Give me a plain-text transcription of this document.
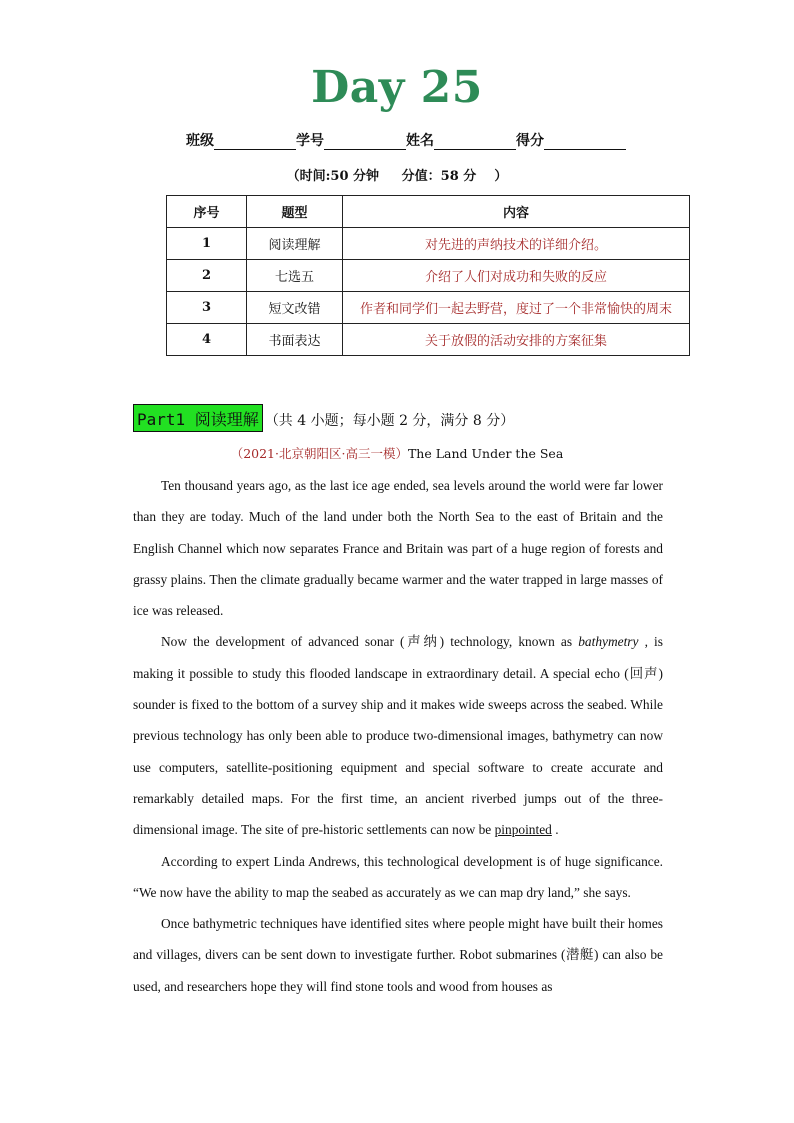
Day 25
班级	学号	姓名	得分
（时间:50 分钟     分值：58 分    ）
序号	题型	内容
1	阅读理解	对先进的声纳技术的详细介绍。
2	七选五	介绍了人们对成功和失败的反应
3	短文改错	作者和同学们一起去野营，度过了一个非常愉快的周末
4	书面表达	关于放假的活动安排的方案征集
Part1 阅读理解 （共 4 小题；每小题 2 分，满分 8 分）
（2021·北京朝阳区·高三一模）The Land Under the Sea

Ten thousand years ago, as the last ice age ended, sea levels around the world were far lower than they are today. Much of the land under both the North Sea to the east of Britain and the English Channel which now separates France and Britain was part of a huge region of forests and grassy plains. Then the climate gradually became warmer and the water trapped in large masses of ice was released.

Now the development of advanced sonar (声纳) technology, known as bathymetry , is making it possible to study this flooded landscape in extraordinary detail. A special echo (回声) sounder is fixed to the bottom of a survey ship and it makes wide sweeps across the seabed. While previous technology has only been able to produce two-dimensional images, bathymetry can now use computers, satellite-positioning equipment and special software to create accurate and remarkably detailed maps. For the first time, an ancient riverbed jumps out of the three-dimensional image. The site of pre-historic settlements can now be pinpointed .

According to expert Linda Andrews, this technological development is of huge significance. “We now have the ability to map the seabed as accurately as we can map dry land,” she says.

Once bathymetric techniques have identified sites where people might have built their homes and villages, divers can be sent down to investigate further. Robot submarines (潜艇) can also be used, and researchers hope they will find stone tools and wood from houses as
